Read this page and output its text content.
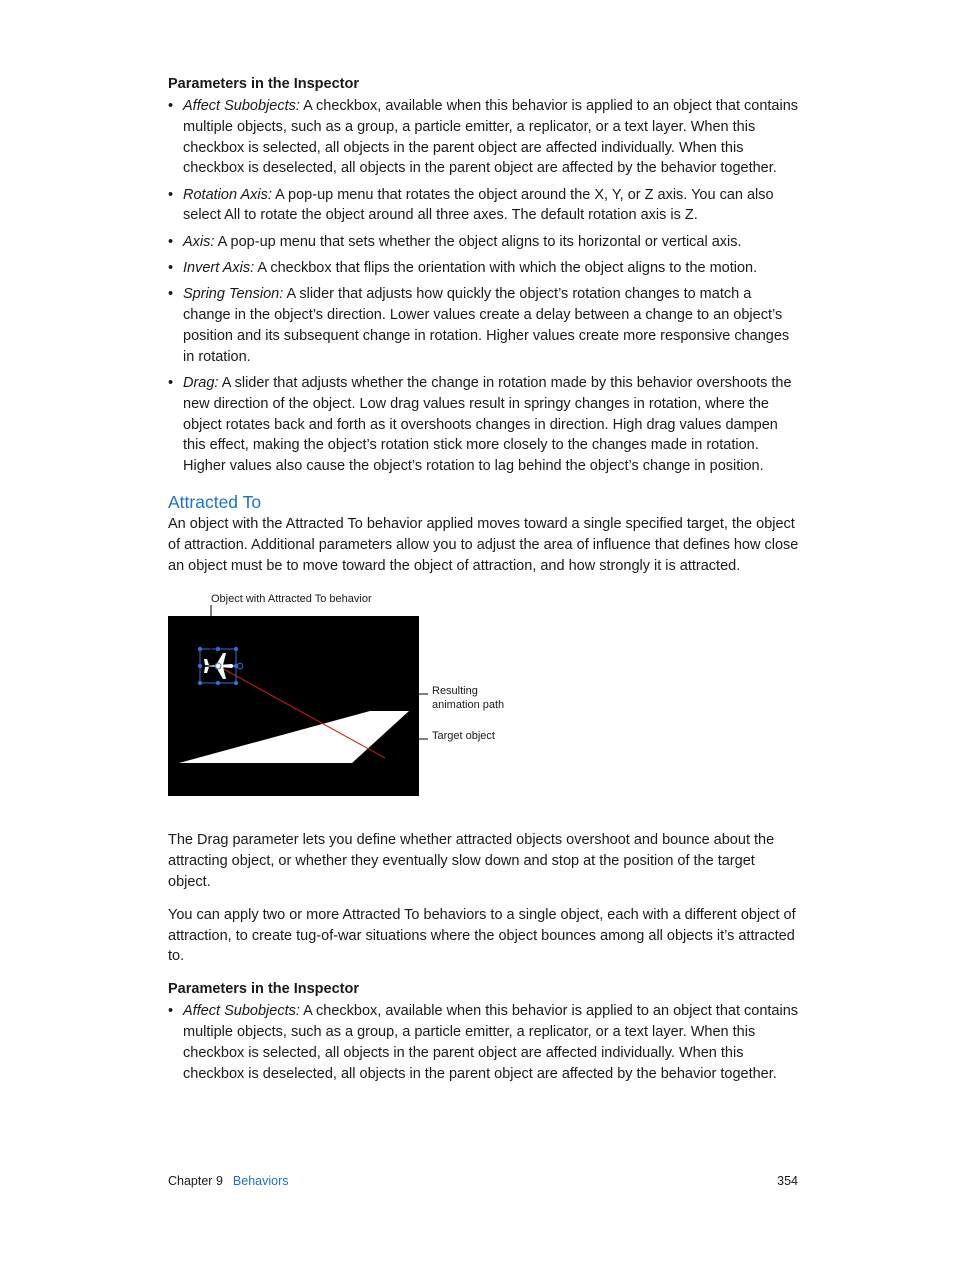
Parameters in the Inspector
• Affect Subobjects: A checkbox, available when this behavior is applied to an object that contains multiple objects, such as a group, a particle emitter, a replicator, or a text layer. When this checkbox is selected, all objects in the parent object are affected individually. When this checkbox is deselected, all objects in the parent object are affected by the behavior together.
• Rotation Axis: A pop-up menu that rotates the object around the X, Y, or Z axis. You can also select All to rotate the object around all three axes. The default rotation axis is Z.
• Axis: A pop-up menu that sets whether the object aligns to its horizontal or vertical axis.
• Invert Axis: A checkbox that flips the orientation with which the object aligns to the motion.
• Spring Tension: A slider that adjusts how quickly the object’s rotation changes to match a change in the object’s direction. Lower values create a delay between a change to an object’s position and its subsequent change in rotation. Higher values create more responsive changes in rotation.
• Drag: A slider that adjusts whether the change in rotation made by this behavior overshoots the new direction of the object. Low drag values result in springy changes in rotation, where the object rotates back and forth as it overshoots changes in direction. High drag values dampen this effect, making the object’s rotation stick more closely to the changes made in rotation. Higher values also cause the object’s rotation to lag behind the object’s change in position.
Attracted To

An object with the Attracted To behavior applied moves toward a single specified target, the object of attraction. Additional parameters allow you to adjust the area of influence that defines how close an object must be to move toward the object of attraction, and how strongly it is attracted.

Object with Attracted To behavior
Resulting
animation path
Target object

The Drag parameter lets you define whether attracted objects overshoot and bounce about the attracting object, or whether they eventually slow down and stop at the position of the target object.

You can apply two or more Attracted To behaviors to a single object, each with a different object of attraction, to create tug-of-war situations where the object bounces among all objects it’s attracted to.

Parameters in the Inspector
• Affect Subobjects: A checkbox, available when this behavior is applied to an object that contains multiple objects, such as a group, a particle emitter, a replicator, or a text layer. When this checkbox is selected, all objects in the parent object are affected individually. When this checkbox is deselected, all objects in the parent object are affected by the behavior together.
Chapter 9 Behaviors	354
